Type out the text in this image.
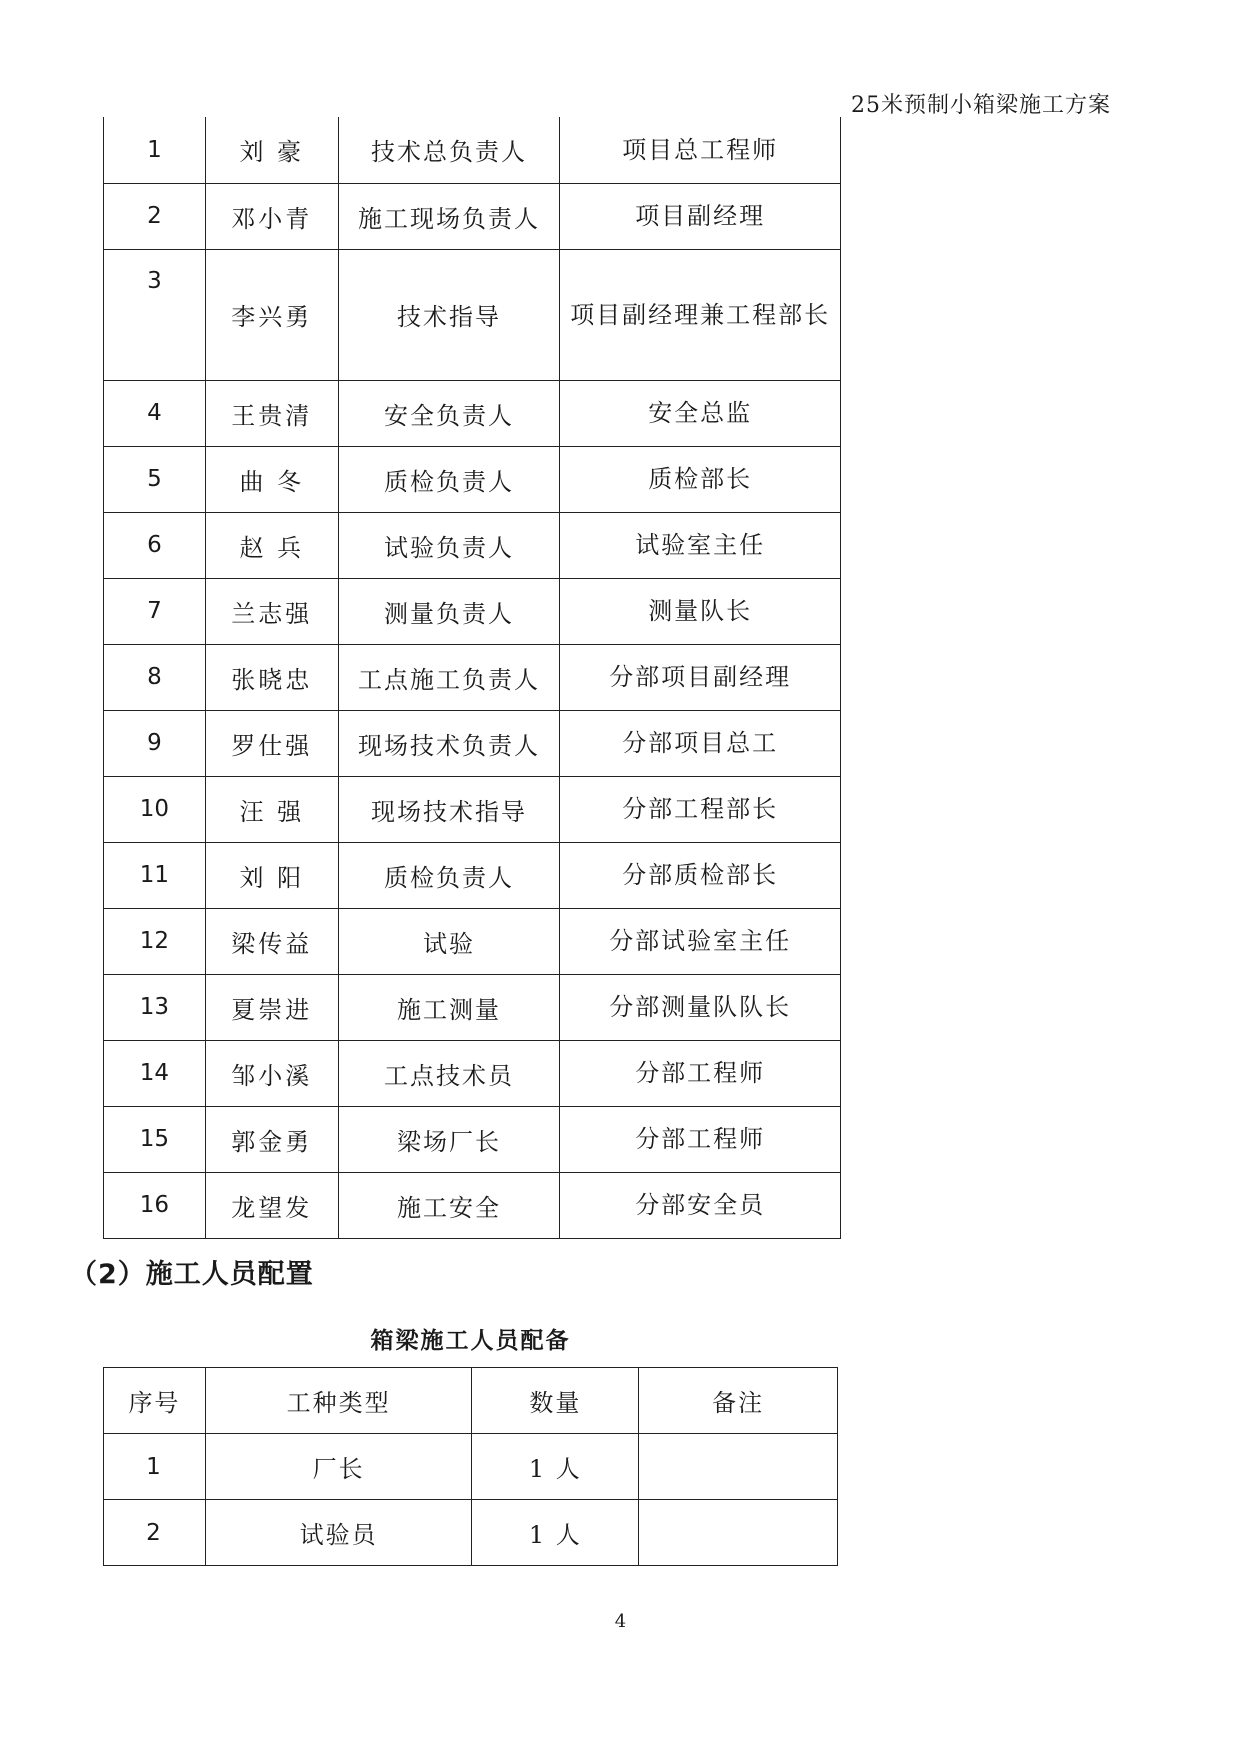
25米预制小箱梁施工方案
1	刘 豪	技术总负责人	项目总工程师
2	邓小青	施工现场负责人	项目副经理
3	李兴勇	技术指导	项目副经理兼工程部长
4	王贵清	安全负责人	安全总监
5	曲 冬	质检负责人	质检部长
6	赵 兵	试验负责人	试验室主任
7	兰志强	测量负责人	测量队长
8	张晓忠	工点施工负责人	分部项目副经理
9	罗仕强	现场技术负责人	分部项目总工
10	汪 强	现场技术指导	分部工程部长
11	刘 阳	质检负责人	分部质检部长
12	梁传益	试验	分部试验室主任
13	夏崇进	施工测量	分部测量队队长
14	邹小溪	工点技术员	分部工程师
15	郭金勇	梁场厂长	分部工程师
16	龙望发	施工安全	分部安全员
（2）施工人员配置
箱梁施工人员配备
序号	工种类型	数量	备注
1	厂长	1 人	
2	试验员	1 人	
4
